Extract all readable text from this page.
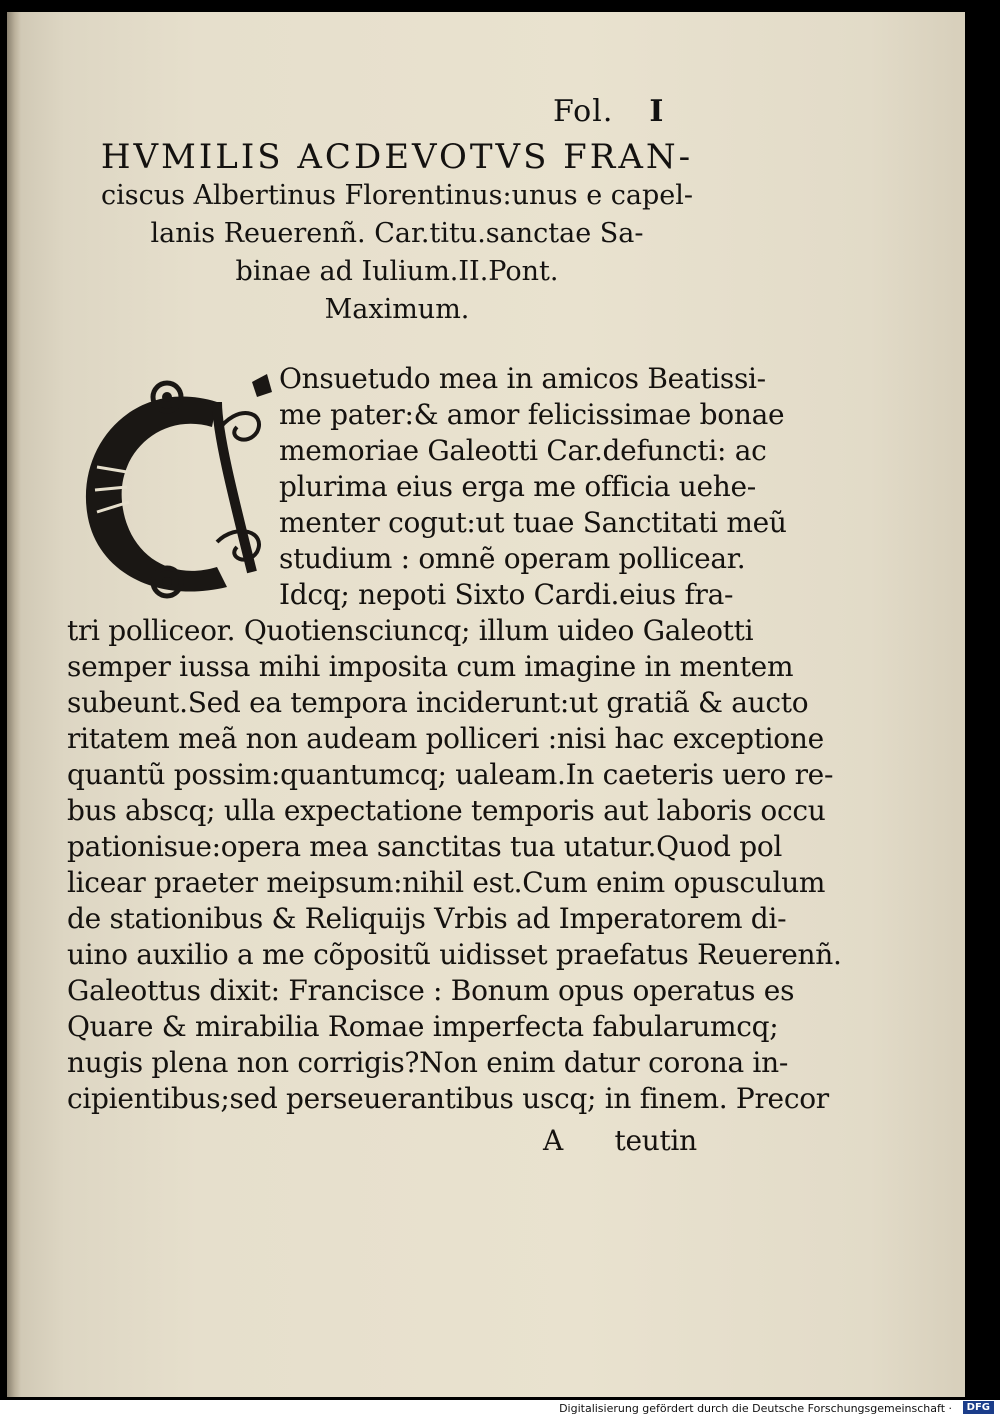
Fol. I
HVMILIS ACDEVOTVS FRAN-
ciscus Albertinus Florentinus:unus e capel-
lanis Reuerenñ. Car.titu.sanctae Sa-
binae ad Iulium.II.Pont.
Maximum.
Onsuetudo mea in amicos Beatissi-
me pater:& amor felicissimae bonae
memoriae Galeotti Car.defuncti: ac
plurima eius erga me officia uehe-
menter cogut:ut tuae Sanctitati meũ
studium : omnẽ operam pollicear.
Idcq; nepoti Sixto Cardi.eius fra-
tri polliceor. Quotiensciuncq; illum uideo Galeotti
semper iussa mihi imposita cum imagine in mentem
subeunt.Sed ea tempora inciderunt:ut gratiã & aucto
ritatem meã non audeam polliceri :nisi hac exceptione
quantũ possim:quantumcq; ualeam.In caeteris uero re-
bus abscq; ulla expectatione temporis aut laboris occu
pationisue:opera mea sanctitas tua utatur.Quod pol
licear praeter meipsum:nihil est.Cum enim opusculum
de stationibus & Reliquijs Vrbis ad Imperatorem di-
uino auxilio a me cõpositũ uidisset praefatus Reuerenñ.
Galeottus dixit: Francisce : Bonum opus operatus es
Quare & mirabilia Romae imperfecta fabularumcq;
nugis plena non corrigis?Non enim datur corona in-
cipientibus;sed perseuerantibus uscq; in finem. Precor
A      teutin
Digitalisierung gefördert durch die Deutsche Forschungsgemeinschaft ·	DFG
